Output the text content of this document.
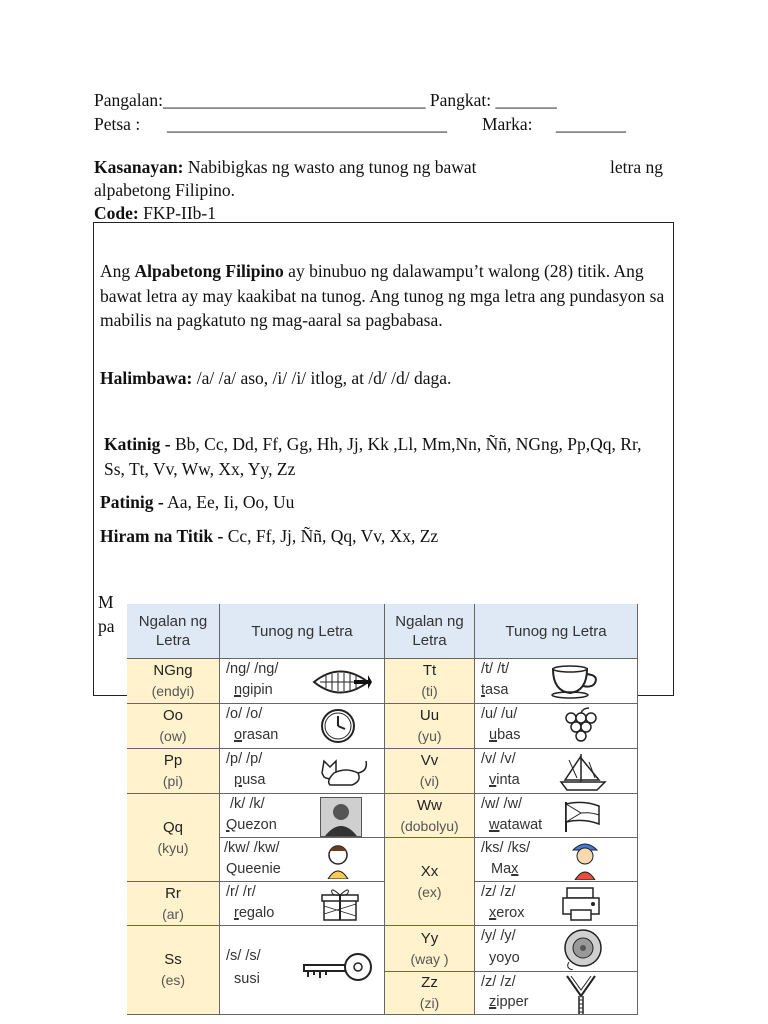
Pangalan:______________________________ Pangkat: _______
Petsa : ________________________________ Marka: ________
Kasanayan: Nabibigkas ng wasto ang tunog ng bawat	letra ng
alpabetong Filipino.
Code: FKP-IIb-1
Ang Alpabetong Filipino ay binubuo ng dalawampu’t walong (28) titik. Ang bawat letra ay may kaakibat na tunog. Ang tunog ng mga letra ang pundasyon sa mabilis na pagkatuto ng mag-aaral sa pagbabasa.
Halimbawa: /a/ /a/ aso, /i/ /i/ itlog, at /d/ /d/ daga.
Katinig - Bb, Cc, Dd, Ff, Gg, Hh, Jj, Kk ,Ll, Mm,Nn, Ññ, NGng, Pp,Qq, Rr, Ss, Tt, Vv, Ww, Xx, Yy, Zz
Patinig - Aa, Ee, Ii, Oo, Uu
Hiram na Titik - Cc, Ff, Jj, Ññ, Qq, Vv, Xx, Zz
M
pa	Ngalan ng Letra
Tunog ng Letra
Ngalan ng Letra
Tunog ng Letra
NGng
(endyi)
/ng/ /ng/
ngipin
Oo
(ow)
/o/ /o/
orasan
Pp
(pi)
/p/ /p/
pusa
Qq
(kyu)
/k/ /k/
Quezon
/kw/ /kw/
Queenie
Rr
(ar)
/r/ /r/
regalo
Ss
(es)
/s/ /s/
susi
Tt
(ti)
/t/ /t/
tasa
Uu
(yu)
/u/ /u/
ubas
Vv
(vi)
/v/ /v/
vinta
Ww
(dobolyu)
/w/ /w/
watawat
Xx
(ex)
/ks/ /ks/
Max
/z/ /z/
xerox
Yy
(way )
/y/ /y/
yoyo
Zz
(zi)
/z/ /z/
zipper
